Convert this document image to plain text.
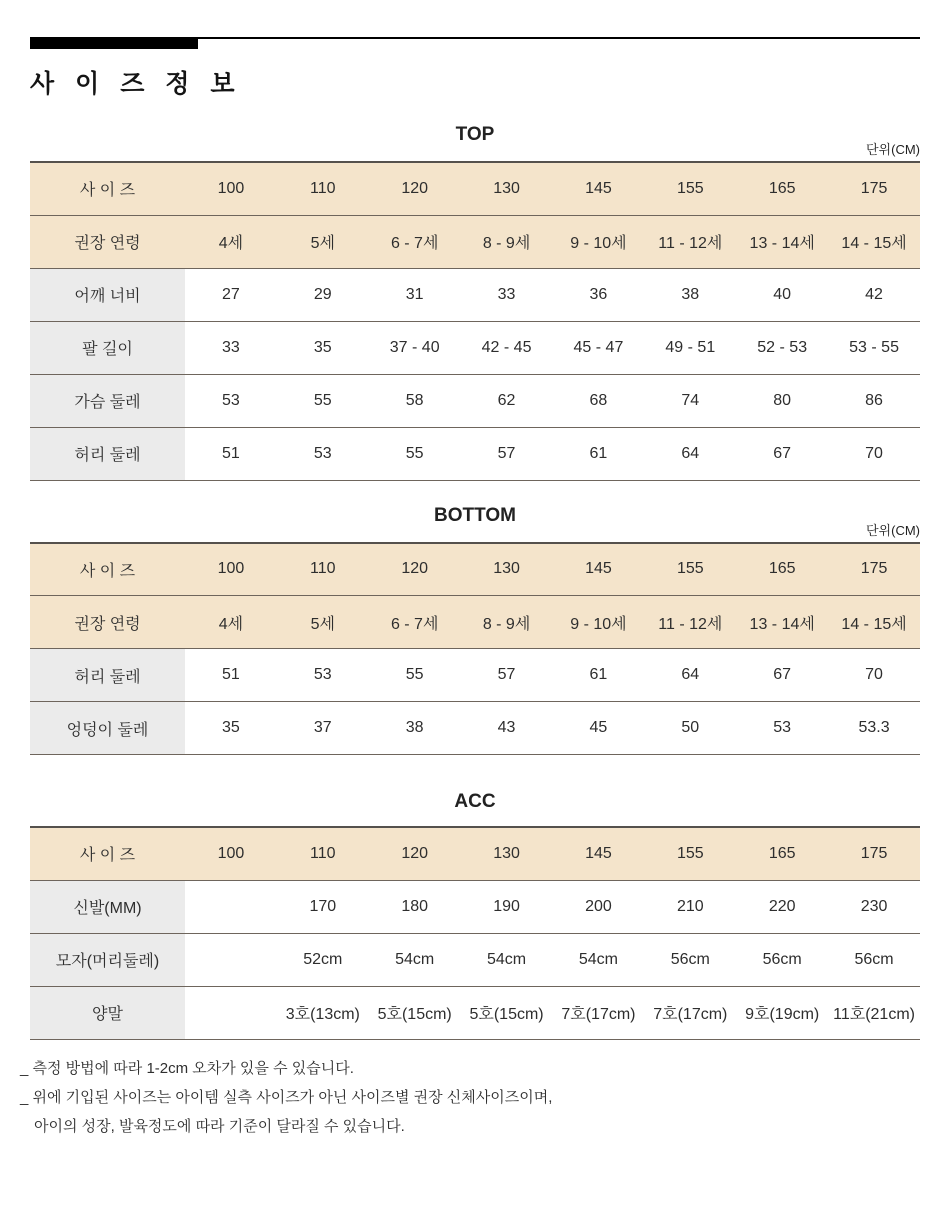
사 이 즈 정 보
TOP
단위(CM)
사 이 즈	100	110	120	130	145	155	165	175
권장 연령	4세	5세	6 - 7세	8 - 9세	9 - 10세	11 - 12세	13 - 14세	14 - 15세
어깨 너비	27	29	31	33	36	38	40	42
팔 길이	33	35	37 - 40	42 - 45	45 - 47	49 - 51	52 - 53	53 - 55
가슴 둘레	53	55	58	62	68	74	80	86
허리 둘레	51	53	55	57	61	64	67	70
BOTTOM
단위(CM)
사 이 즈	100	110	120	130	145	155	165	175
권장 연령	4세	5세	6 - 7세	8 - 9세	9 - 10세	11 - 12세	13 - 14세	14 - 15세
허리 둘레	51	53	55	57	61	64	67	70
엉덩이 둘레	35	37	38	43	45	50	53	53.3
ACC
사 이 즈	100	110	120	130	145	155	165	175
신발(MM)		170	180	190	200	210	220	230
모자(머리둘레)		52cm	54cm	54cm	54cm	56cm	56cm	56cm
양말		3호(13cm)	5호(15cm)	5호(15cm)	7호(17cm)	7호(17cm)	9호(19cm)	11호(21cm)
_ 측정 방법에 따라 1-2cm 오차가 있을 수 있습니다.
_ 위에 기입된 사이즈는 아이템 실측 사이즈가 아닌 사이즈별 권장 신체사이즈이며,
아이의 성장, 발육정도에 따라 기준이 달라질 수 있습니다.
